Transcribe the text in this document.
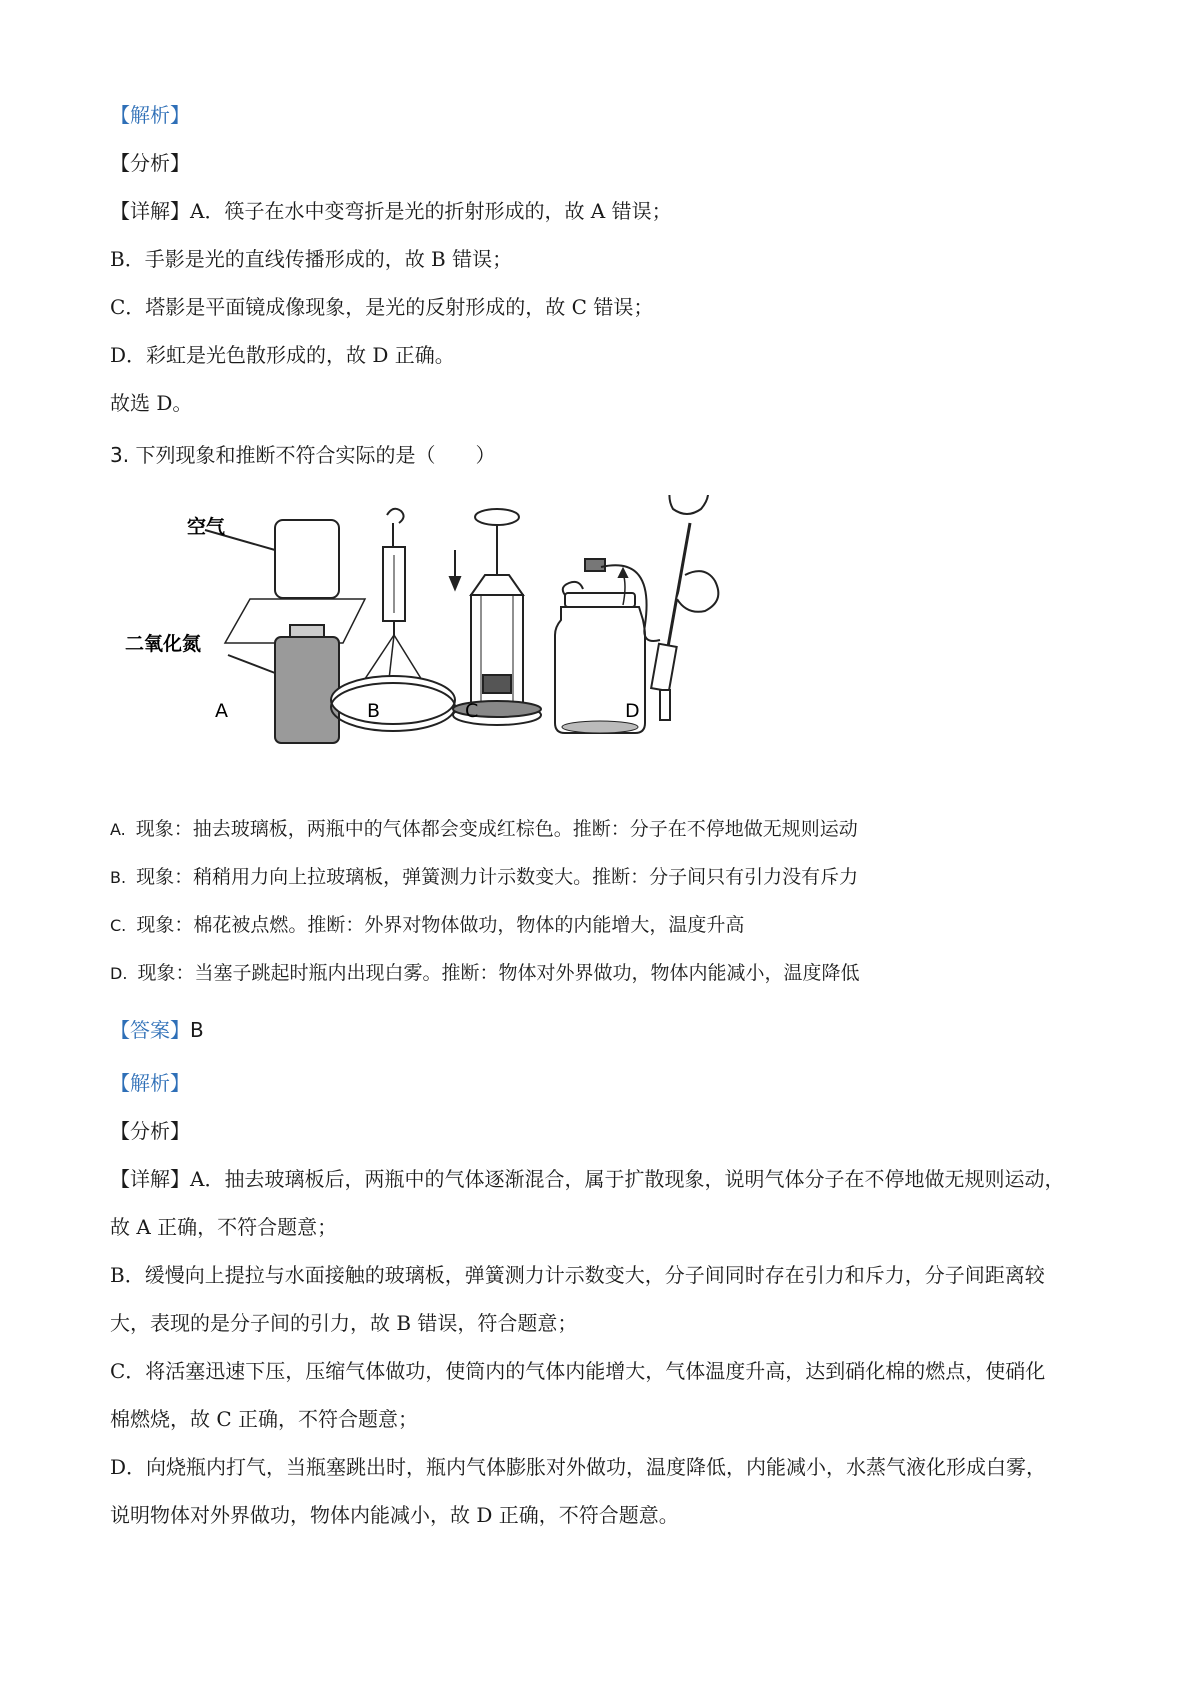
【解析】
【分析】
【详解】A．筷子在水中变弯折是光的折射形成的，故 A 错误；
B．手影是光的直线传播形成的，故 B 错误；
C．塔影是平面镜成像现象，是光的反射形成的，故 C 错误；
D．彩虹是光色散形成的，故 D 正确。
故选 D。
3. 下列现象和推断不符合实际的是（　　）
空气
二氧化氮
A	B	C	D
A. 现象：抽去玻璃板，两瓶中的气体都会变成红棕色。推断：分子在不停地做无规则运动
B. 现象：稍稍用力向上拉玻璃板，弹簧测力计示数变大。推断：分子间只有引力没有斥力
C. 现象：棉花被点燃。推断：外界对物体做功，物体的内能增大，温度升高
D. 现象：当塞子跳起时瓶内出现白雾。推断：物体对外界做功，物体内能减小，温度降低
【答案】B
【解析】
【分析】
【详解】A．抽去玻璃板后，两瓶中的气体逐渐混合，属于扩散现象，说明气体分子在不停地做无规则运动，
故 A 正确，不符合题意；
B．缓慢向上提拉与水面接触的玻璃板，弹簧测力计示数变大，分子间同时存在引力和斥力，分子间距离较
大，表现的是分子间的引力，故 B 错误，符合题意；
C．将活塞迅速下压，压缩气体做功，使筒内的气体内能增大，气体温度升高，达到硝化棉的燃点，使硝化
棉燃烧，故 C 正确，不符合题意；
D．向烧瓶内打气，当瓶塞跳出时，瓶内气体膨胀对外做功，温度降低，内能减小，水蒸气液化形成白雾，
说明物体对外界做功，物体内能减小，故 D 正确，不符合题意。
